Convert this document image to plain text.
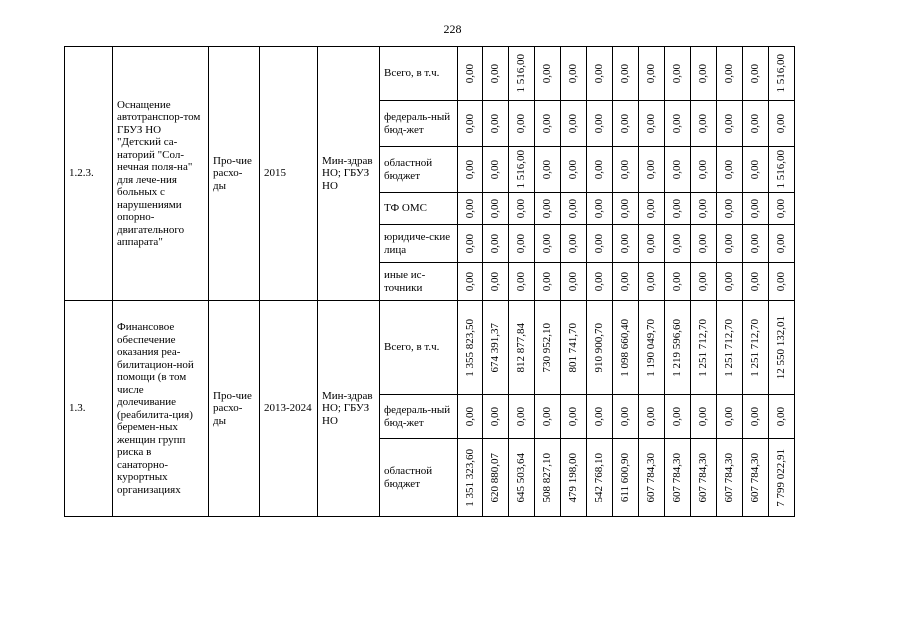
228
1.2.3.	Оснащение автотранспор-том ГБУЗ НО "Детский са-наторий "Сол-нечная поля-на" для лече-ния больных с нарушениями опорно-двигательного аппарата"	Про-чие расхо-ды	2015	Мин-здрав НО; ГБУЗ НО	Всего, в т.ч.	0,00	0,00	1 516,00	0,00	0,00	0,00	0,00	0,00	0,00	0,00	0,00	0,00	1 516,00

					федераль-ный бюд-жет	0,00	0,00	0,00	0,00	0,00	0,00	0,00	0,00	0,00	0,00	0,00	0,00	0,00

					областной бюджет	0,00	0,00	1 516,00	0,00	0,00	0,00	0,00	0,00	0,00	0,00	0,00	0,00	1 516,00

					ТФ ОМС	0,00	0,00	0,00	0,00	0,00	0,00	0,00	0,00	0,00	0,00	0,00	0,00	0,00

					юридиче-ские лица	0,00	0,00	0,00	0,00	0,00	0,00	0,00	0,00	0,00	0,00	0,00	0,00	0,00

					иные ис-точники	0,00	0,00	0,00	0,00	0,00	0,00	0,00	0,00	0,00	0,00	0,00	0,00	0,00

1.3.	Финансовое обеспечение оказания реа-билитацион-ной помощи (в том числе долечивание (реабилита-ция) беремен-ных женщин групп риска в санаторно-курортных организациях	Про-чие расхо-ды	2013-2024	Мин-здрав НО; ГБУЗ НО	Всего, в т.ч.	1 355 823,50	674 391,37	812 877,84	730 952,10	801 741,70	910 900,70	1 098 660,40	1 190 049,70	1 219 596,60	1 251 712,70	1 251 712,70	1 251 712,70	12 550 132,01

					федераль-ный бюд-жет	0,00	0,00	0,00	0,00	0,00	0,00	0,00	0,00	0,00	0,00	0,00	0,00	0,00

					областной бюджет	1 351 323,60	620 880,07	645 503,64	508 827,10	479 198,00	542 768,10	611 600,90	607 784,30	607 784,30	607 784,30	607 784,30	607 784,30	7 799 022,91
